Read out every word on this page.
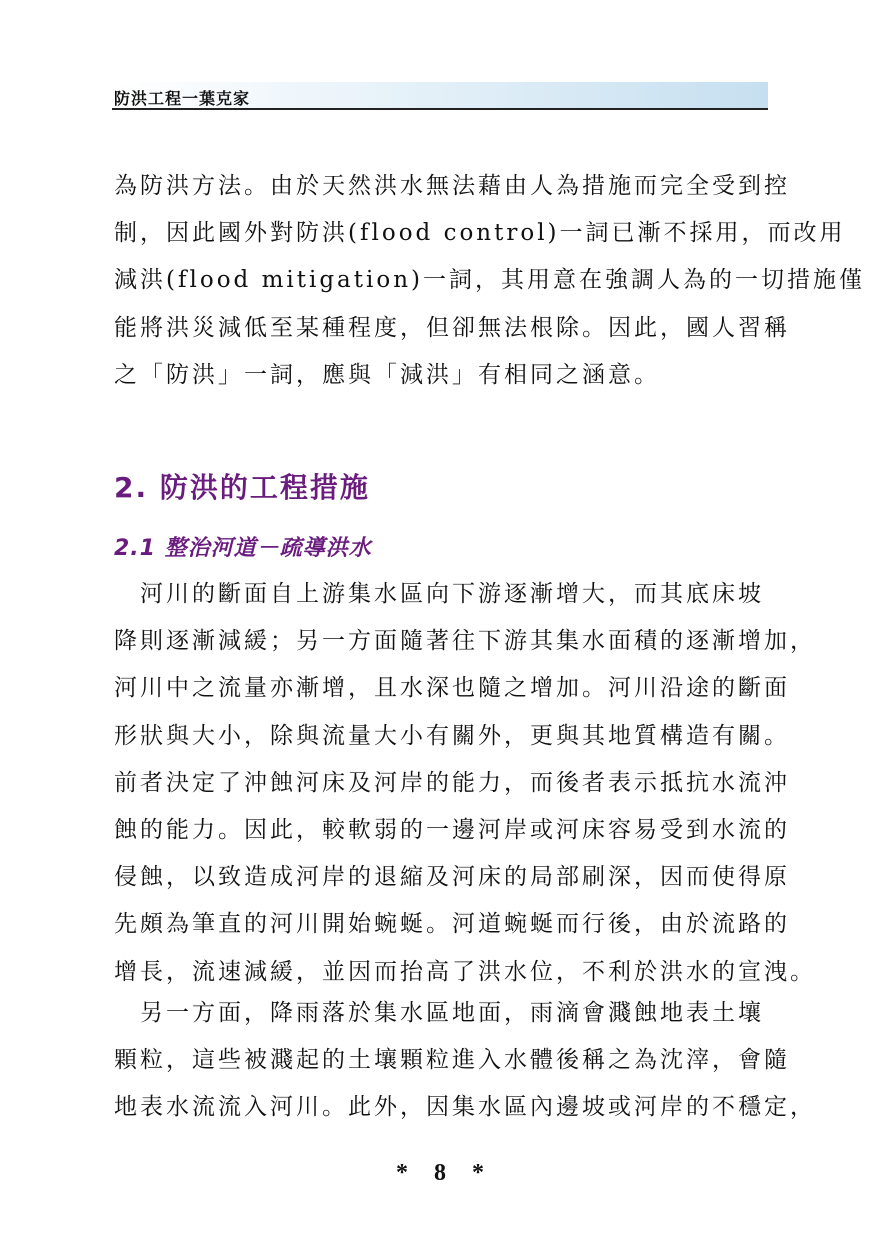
防洪工程一葉克家
為防洪方法。由於天然洪水無法藉由人為措施而完全受到控
制，因此國外對防洪(flood control)一詞已漸不採用，而改用
減洪(flood mitigation)一詞，其用意在強調人為的一切措施僅
能將洪災減低至某種程度，但卻無法根除。因此，國人習稱
之「防洪」一詞，應與「減洪」有相同之涵意。
2. 防洪的工程措施
2.1 整治河道－疏導洪水
　河川的斷面自上游集水區向下游逐漸增大，而其底床坡
降則逐漸減緩；另一方面隨著往下游其集水面積的逐漸增加，
河川中之流量亦漸增，且水深也隨之增加。河川沿途的斷面
形狀與大小，除與流量大小有關外，更與其地質構造有關。
前者決定了沖蝕河床及河岸的能力，而後者表示抵抗水流沖
蝕的能力。因此，較軟弱的一邊河岸或河床容易受到水流的
侵蝕，以致造成河岸的退縮及河床的局部刷深，因而使得原
先頗為筆直的河川開始蜿蜒。河道蜿蜒而行後，由於流路的
增長，流速減緩，並因而抬高了洪水位，不利於洪水的宣洩。
　另一方面，降雨落於集水區地面，雨滴會濺蝕地表土壤
顆粒，這些被濺起的土壤顆粒進入水體後稱之為沈滓，會隨
地表水流流入河川。此外，因集水區內邊坡或河岸的不穩定，
* 8 *
